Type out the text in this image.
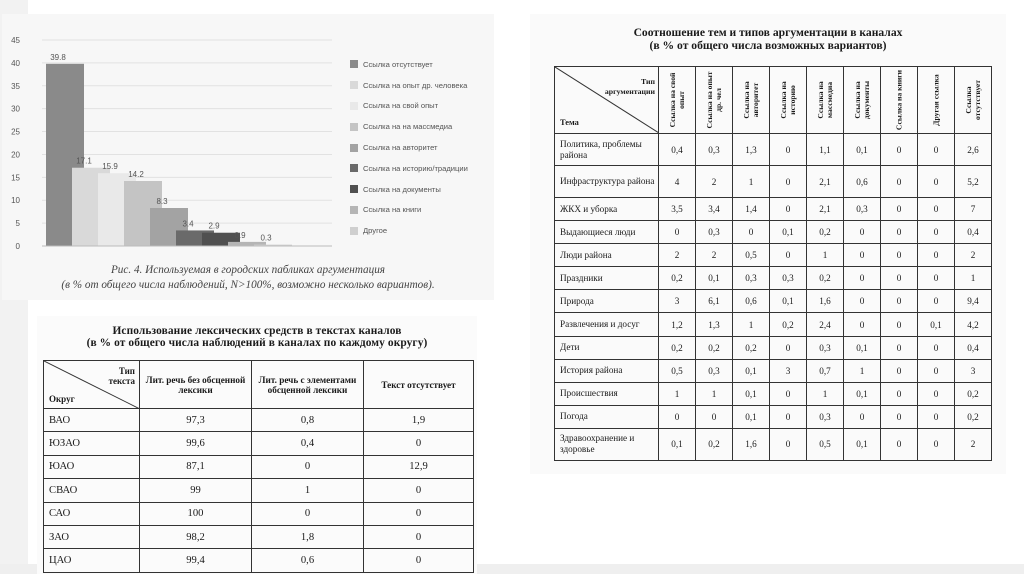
0
5
10
15
20
25
30
35
40
45
39.8
17.1
15.9
14.2
8.3
3.4 2.9
0.9 0.3
Ссылка отсутствует
Ссылка на опыт др. человека
Ссылка на свой опыт
Ссылка на на массмедиа
Ссылка на авторитет
Ссылка на историю/традиции
Ссылка на документы
Ссылка на книги
Другое
Рис. 4. Используемая в городских пабликах аргументация
(в % от общего числа наблюдений, N>100%, возможно несколько вариантов).
Использование лексических средств в текстах каналов
(в % от общего числа наблюдений в каналах по каждому округу)
Тип
текста
Округ	Лит. речь без обсценной лексики	Лит. речь с элементами обсценной лексики	Текст отсутствует
ВАО	97,3	0,8	1,9
ЮЗАО	99,6	0,4	0
ЮАО	87,1	0	12,9
СВАО	99	1	0
САО	100	0	0
ЗАО	98,2	1,8	0
ЦАО	99,4	0,6	0
Соотношение тем и типов аргументации в каналах
(в % от общего числа возможных вариантов)
Тип
аргументации
Тема	Ссылка на свой опыт	Ссылка на опыт др. чел	Ссылка на авторитет	Ссылка на историю	Ссылка на массмедиа	Ссылка на документы	Ссылка на книги	Другая ссылка	Ссылка отсутствует

Политика, проблемы района	0,4	0,3	1,3	0	1,1	0,1	0	0	2,6
Инфраструктура района	4	2	1	0	2,1	0,6	0	0	5,2
ЖКХ и уборка	3,5	3,4	1,4	0	2,1	0,3	0	0	7
Выдающиеся люди	0	0,3	0	0,1	0,2	0	0	0	0,4
Люди района	2	2	0,5	0	1	0	0	0	2
Праздники	0,2	0,1	0,3	0,3	0,2	0	0	0	1
Природа	3	6,1	0,6	0,1	1,6	0	0	0	9,4
Развлечения и досуг	1,2	1,3	1	0,2	2,4	0	0	0,1	4,2
Дети	0,2	0,2	0,2	0	0,3	0,1	0	0	0,4
История района	0,5	0,3	0,1	3	0,7	1	0	0	3
Происшествия	1	1	0,1	0	1	0,1	0	0	0,2
Погода	0	0	0,1	0	0,3	0	0	0	0,2
Здравоохранение и здоровье	0,1	0,2	1,6	0	0,5	0,1	0	0	2
